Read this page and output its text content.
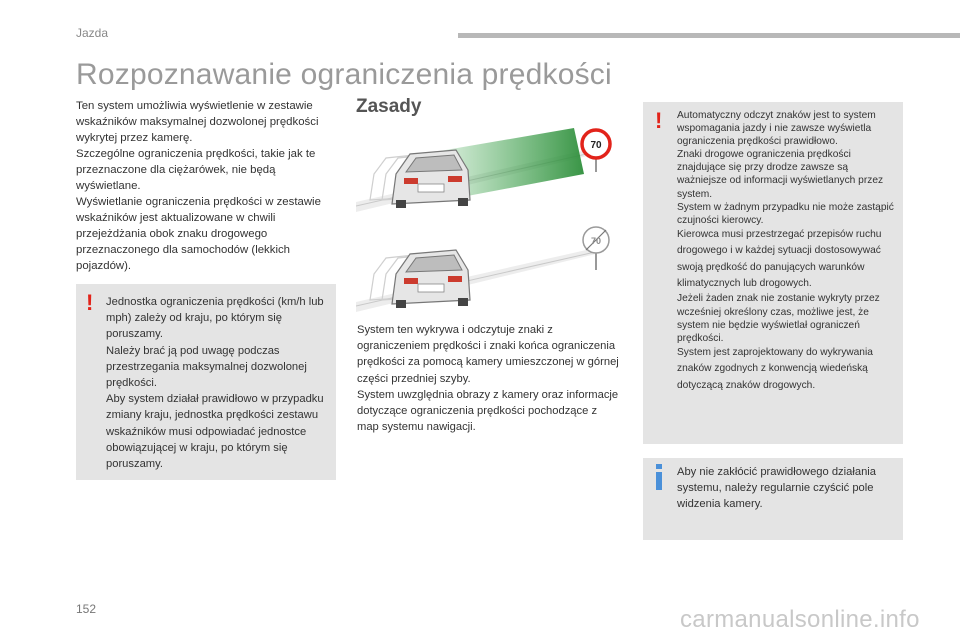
Jazda
Rozpoznawanie ograniczenia prędkości

Ten system umożliwia wyświetlenie w zestawie wskaźników maksymalnej dozwolonej prędkości wykrytej przez kamerę.

Szczególne ograniczenia prędkości, takie jak te przeznaczone dla ciężarówek, nie będą wyświetlane.

Wyświetlanie ograniczenia prędkości w zestawie wskaźników jest aktualizowane w chwili przejeżdżania obok znaku drogowego przeznaczonego dla samochodów (lekkich pojazdów).

! Jednostka ograniczenia prędkości (km/h lub mph) zależy od kraju, po którym się poruszamy.

Należy brać ją pod uwagę podczas przestrzegania maksymalnej dozwolonej prędkości.

Aby system działał prawidłowo w przypadku zmiany kraju, jednostka prędkości zestawu wskaźników musi odpowiadać jednostce obowiązującej w kraju, po którym się poruszamy.

Zasady
70
70

System ten wykrywa i odczytuje znaki z ograniczeniem prędkości i znaki końca ograniczenia prędkości za pomocą kamery umieszczonej w górnej części przedniej szyby.

System uwzględnia obrazy z kamery oraz informacje dotyczące ograniczenia prędkości pochodzące z map systemu nawigacji.

! Automatyczny odczyt znaków jest to system wspomagania jazdy i nie zawsze wyświetla ograniczenia prędkości prawidłowo.

Znaki drogowe ograniczenia prędkości znajdujące się przy drodze zawsze są ważniejsze od informacji wyświetlanych przez system.

System w żadnym przypadku nie może zastąpić czujności kierowcy.

Kierowca musi przestrzegać przepisów ruchu drogowego i w każdej sytuacji dostosowywać swoją prędkość do panujących warunków klimatycznych lub drogowych.

Jeżeli żaden znak nie zostanie wykryty przez wcześniej określony czas, możliwe jest, że system nie będzie wyświetlał ograniczeń prędkości.

System jest zaprojektowany do wykrywania znaków zgodnych z konwencją wiedeńską dotyczącą znaków drogowych.

Aby nie zakłócić prawidłowego działania systemu, należy regularnie czyścić pole widzenia kamery.
152	carmanualsonline.info
